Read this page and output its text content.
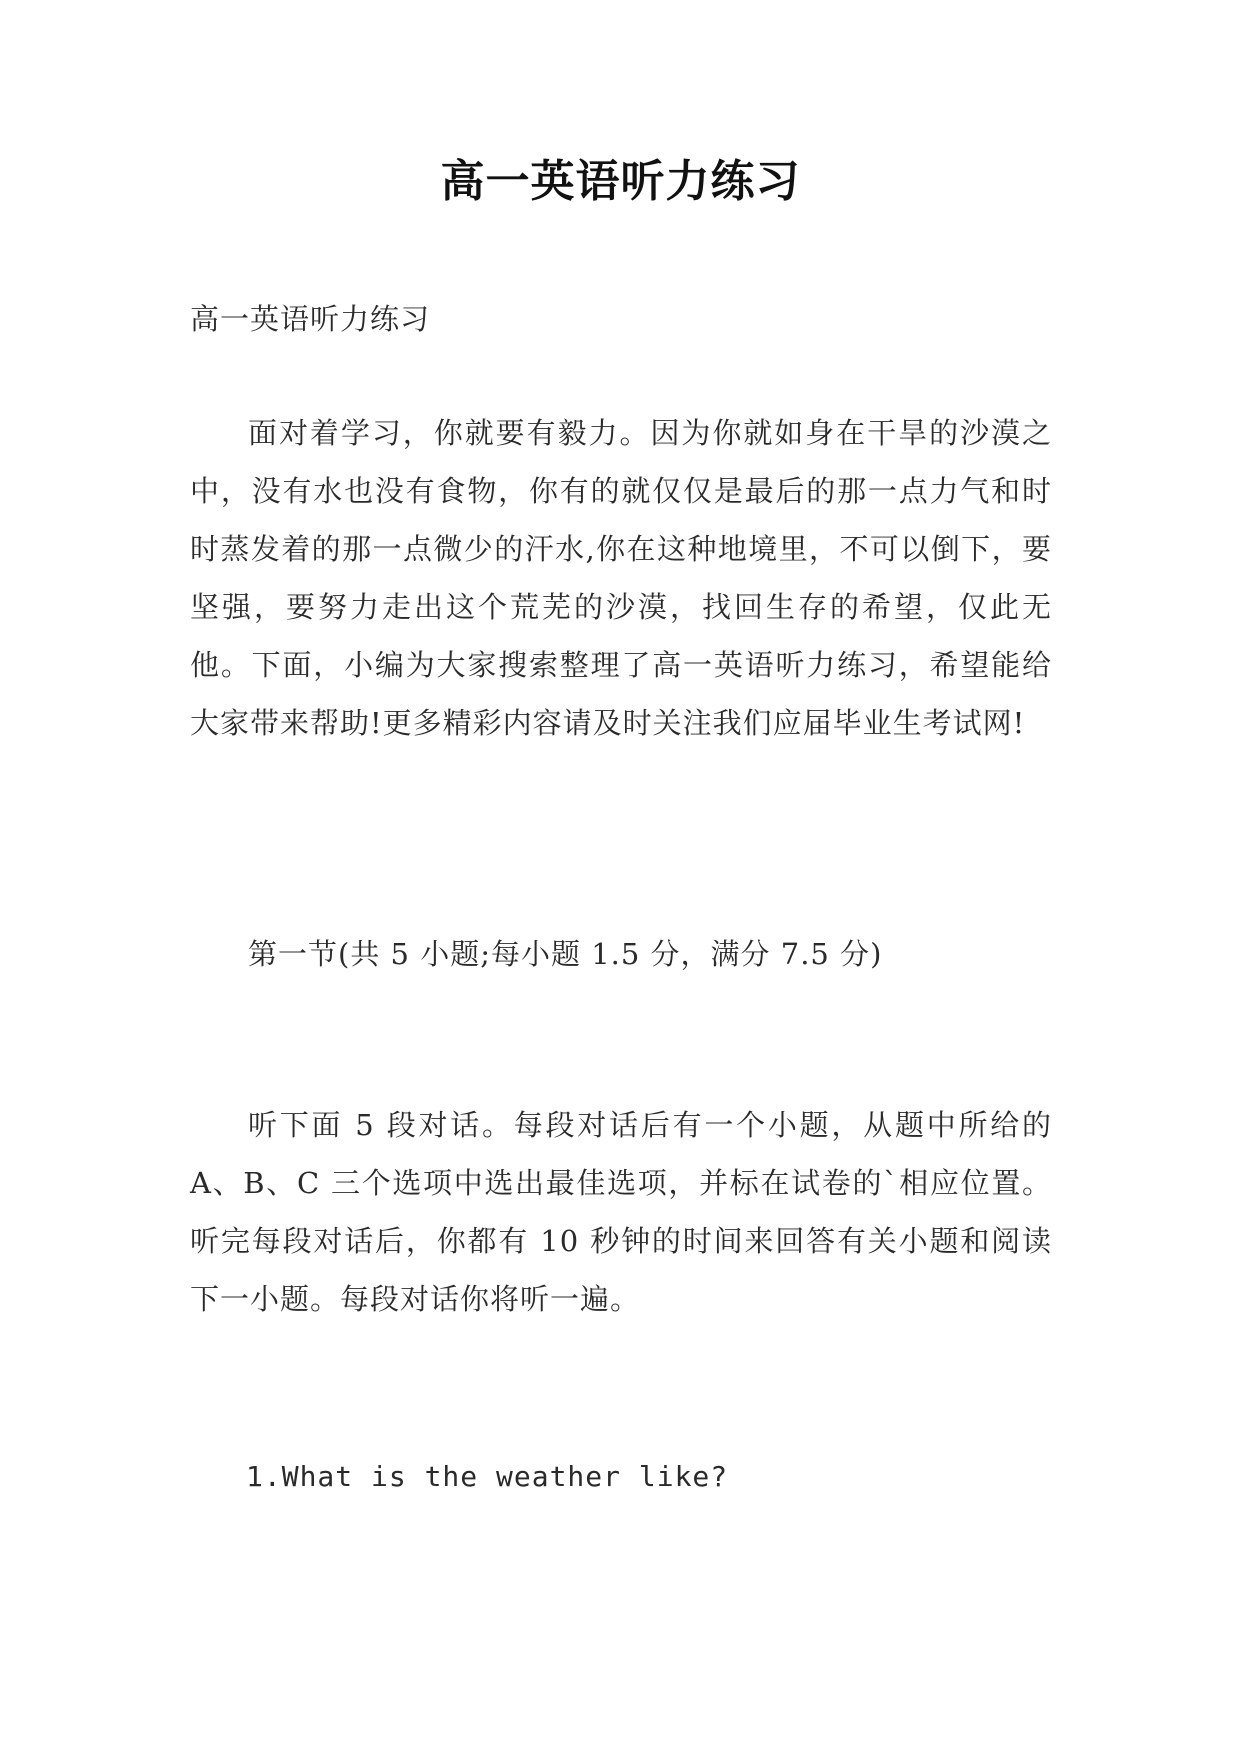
高一英语听力练习
高一英语听力练习
面对着学习，你就要有毅力。因为你就如身在干旱的沙漠之中，没有水也没有食物，你有的就仅仅是最后的那一点力气和时时蒸发着的那一点微少的汗水,你在这种地境里，不可以倒下，要坚强，要努力走出这个荒芜的沙漠，找回生存的希望，仅此无他。下面，小编为大家搜索整理了高一英语听力练习，希望能给大家带来帮助!更多精彩内容请及时关注我们应届毕业生考试网!
第一节(共 5 小题;每小题 1.5 分，满分 7.5 分)
听下面 5 段对话。每段对话后有一个小题，从题中所给的 A、B、C 三个选项中选出最佳选项，并标在试卷的`相应位置。听完每段对话后，你都有 10 秒钟的时间来回答有关小题和阅读下一小题。每段对话你将听一遍。
1.What is the weather like?
